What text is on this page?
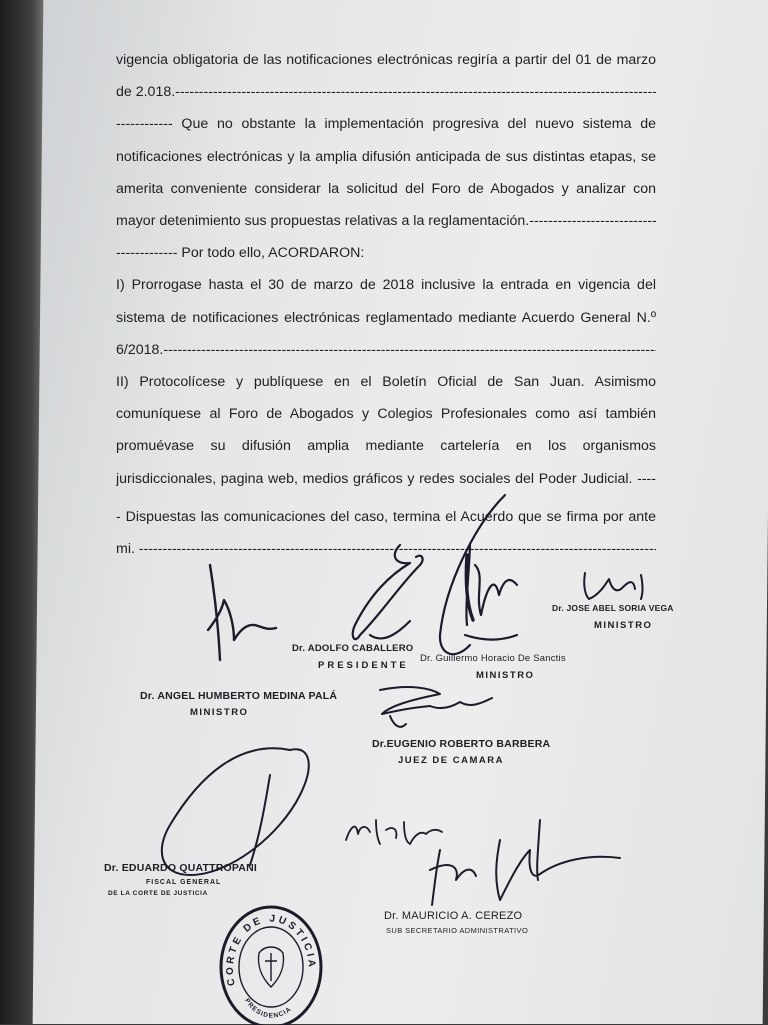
vigencia obligatoria de las notificaciones electrónicas regiría a partir del 01 de marzo
de 2.018.- -----
------------ Que no obstante la implementación progresiva del nuevo sistema de
notificaciones electrónicas y la amplia difusión anticipada de sus distintas etapas, se
amerita conveniente considerar la solicitud del Foro de Abogados y analizar con
mayor detenimiento sus propuestas relativas a la reglamentación.- -----
------------- Por todo ello, ACORDARON:
I) Prorrogase hasta el 30 de marzo de 2018 inclusive la entrada en vigencia del
sistema de notificaciones electrónicas reglamentado mediante Acuerdo General N.º
6/2018.- -----
II) Protocolícese y publíquese en el Boletín Oficial de San Juan. Asimismo
comuníquese al Foro de Abogados y Colegios Profesionales como así también
promuévase su difusión amplia mediante cartelería en los organismos
jurisdiccionales, pagina web, medios gráficos y redes sociales del Poder Judicial. ----
- Dispuestas las comunicaciones del caso, termina el Acuerdo que se firma por ante
mi. - -----
Dr. ADOLFO CABALLERO
PRESIDENTE
Dr. Guillermo Horacio De Sanctis
MINISTRO
Dr. JOSE ABEL SORIA VEGA
MINISTRO
Dr. ANGEL HUMBERTO MEDINA PALÁ
MINISTRO
Dr.EUGENIO ROBERTO BARBERA
JUEZ DE CAMARA
Dr. EDUARDO QUATTROPANI
FISCAL GENERAL
DE LA CORTE DE JUSTICIA
Dr. MAURICIO A. CEREZO
SUB SECRETARIO ADMINISTRATIVO
CORTE DE JUSTICIA
PRESIDENCIA
